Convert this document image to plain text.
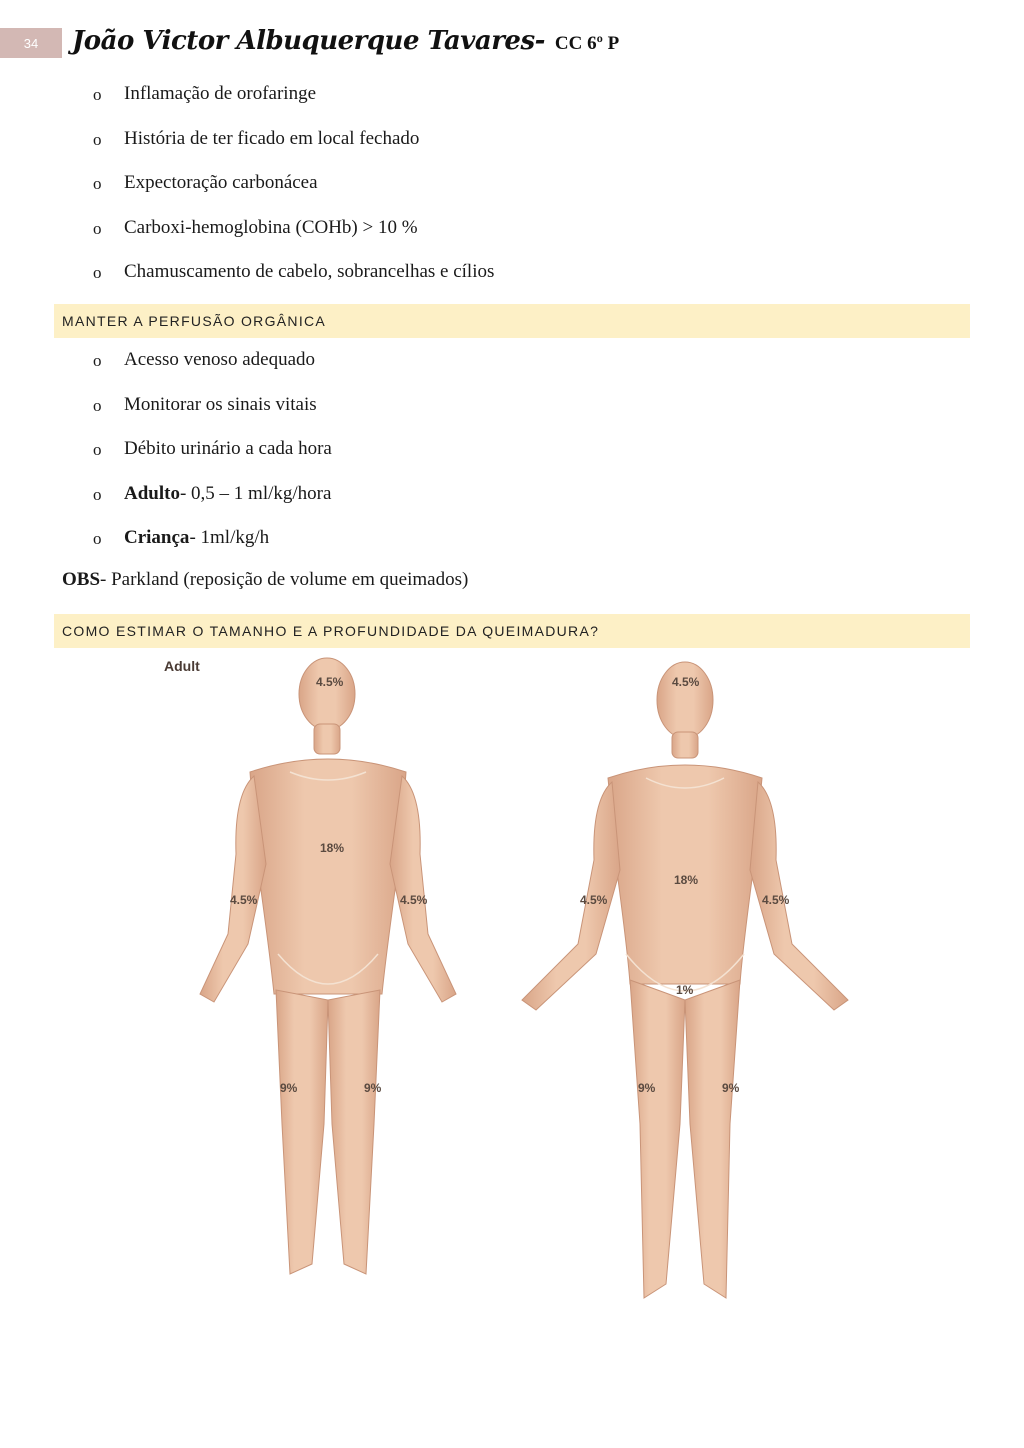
34	João Victor Albuquerque Tavares- CC 6º P
o Inflamação de orofaringe
o História de ter ficado em local fechado
o Expectoração carbonácea
o Carboxi-hemoglobina (COHb) > 10 %
o Chamuscamento de cabelo, sobrancelhas e cílios
MANTER A PERFUSÃO ORGÂNICA
o Acesso venoso adequado
o Monitorar os sinais vitais
o Débito urinário a cada hora
o Adulto- 0,5 – 1 ml/kg/hora
o Criança- 1ml/kg/h
OBS- Parkland (reposição de volume em queimados)
COMO ESTIMAR O TAMANHO E A PROFUNDIDADE DA QUEIMADURA?
Adult
4.5%
18%
4.5%	4.5%
9%	9%
4.5%
18%
4.5%	4.5%
1%
9%	9%
